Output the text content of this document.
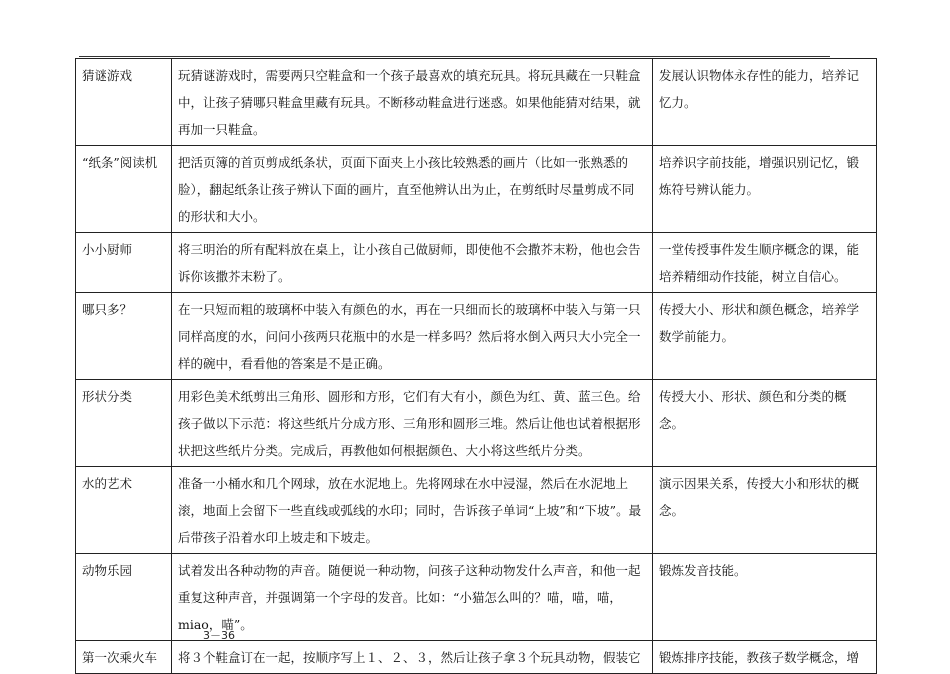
猜谜游戏	玩猜谜游戏时，需要两只空鞋盒和一个孩子最喜欢的填充玩具。将玩具藏在一只鞋盒中，让孩子猜哪只鞋盒里藏有玩具。不断移动鞋盒进行迷惑。如果他能猜对结果，就再加一只鞋盒。	发展认识物体永存性的能力，培养记忆力。
“纸条”阅读机	把活页簿的首页剪成纸条状，页面下面夹上小孩比较熟悉的画片（比如一张熟悉的脸），翻起纸条让孩子辨认下面的画片，直至他辨认出为止，在剪纸时尽量剪成不同的形状和大小。	培养识字前技能，增强识别记忆，锻炼符号辨认能力。
小小厨师	将三明治的所有配料放在桌上，让小孩自己做厨师，即使他不会撒芥末粉，他也会告诉你该撒芥末粉了。	一堂传授事件发生顺序概念的课，能培养精细动作技能，树立自信心。
哪只多？	在一只短而粗的玻璃杯中装入有颜色的水，再在一只细而长的玻璃杯中装入与第一只同样高度的水，问问小孩两只花瓶中的水是一样多吗？然后将水倒入两只大小完全一样的碗中，看看他的答案是不是正确。	传授大小、形状和颜色概念，培养学数学前能力。
形状分类	用彩色美术纸剪出三角形、圆形和方形，它们有大有小，颜色为红、黄、蓝三色。给孩子做以下示范：将这些纸片分成方形、三角形和圆形三堆。然后让他也试着根据形状把这些纸片分类。完成后，再教他如何根据颜色、大小将这些纸片分类。	传授大小、形状、颜色和分类的概念。
水的艺术	准备一小桶水和几个网球，放在水泥地上。先将网球在水中浸湿，然后在水泥地上滚，地面上会留下一些直线或弧线的水印；同时，告诉孩子单词“上坡”和“下坡”。最后带孩子沿着水印上坡走和下坡走。	演示因果关系，传授大小和形状的概念。
动物乐园	试着发出各种动物的声音。随便说一种动物，问孩子这种动物发什么声音，和他一起重复这种声音，并强调第一个字母的发音。比如：“小猫怎么叫的？喵，喵，喵，miao，喵”。	锻炼发音技能。
第一次乘火车	将３个鞋盒订在一起，按顺序写上１、２、３，然后让孩子拿３个玩具动物，假装它	锻炼排序技能，教孩子数学概念，增
3－36
